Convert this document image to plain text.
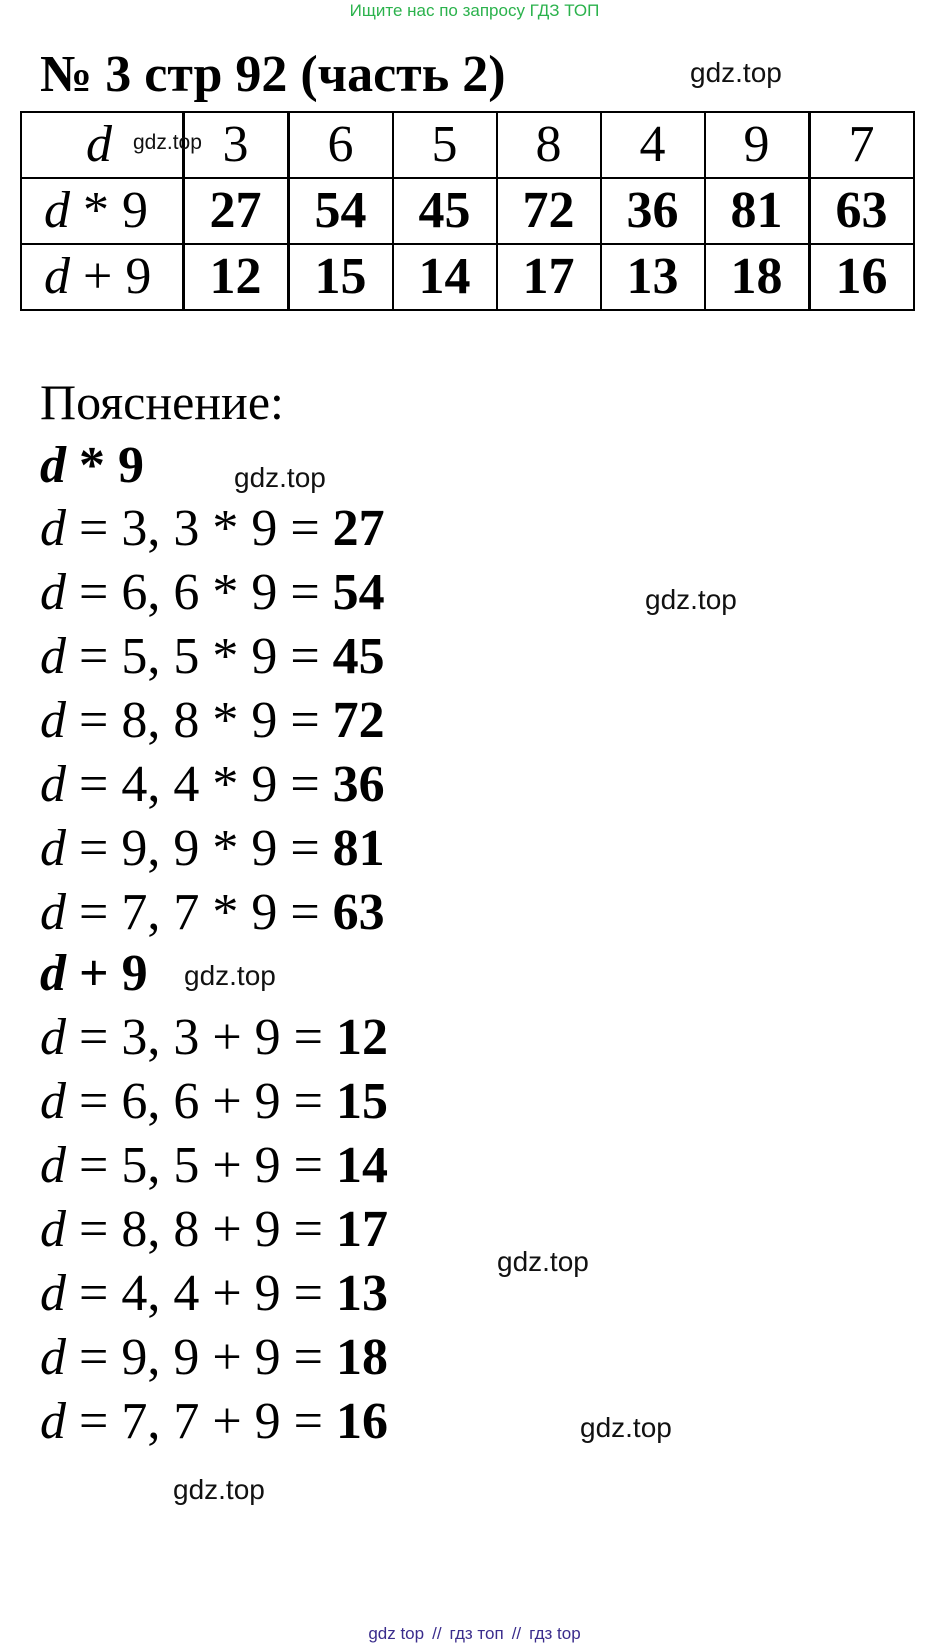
Ищите нас по запросу ГДЗ ТОП
№ 3 стр 92 (часть 2)
d	3	6	5	8	4	9	7
d * 9	27	54	45	72	36	81	63
d + 9	12	15	14	17	13	18	16
Пояснение:
d * 9
d = 3, 3 * 9 = 27
d = 6, 6 * 9 = 54
d = 5, 5 * 9 = 45
d = 8, 8 * 9 = 72
d = 4, 4 * 9 = 36
d = 9, 9 * 9 = 81
d = 7, 7 * 9 = 63
d + 9
d = 3, 3 + 9 = 12
d = 6, 6 + 9 = 15
d = 5, 5 + 9 = 14
d = 8, 8 + 9 = 17
d = 4, 4 + 9 = 13
d = 9, 9 + 9 = 18
d = 7, 7 + 9 = 16
gdz.top
gdz.top
gdz.top
gdz.top
gdz.top
gdz.top
gdz.top
gdz.top
gdz top // гдз топ // гдз top
